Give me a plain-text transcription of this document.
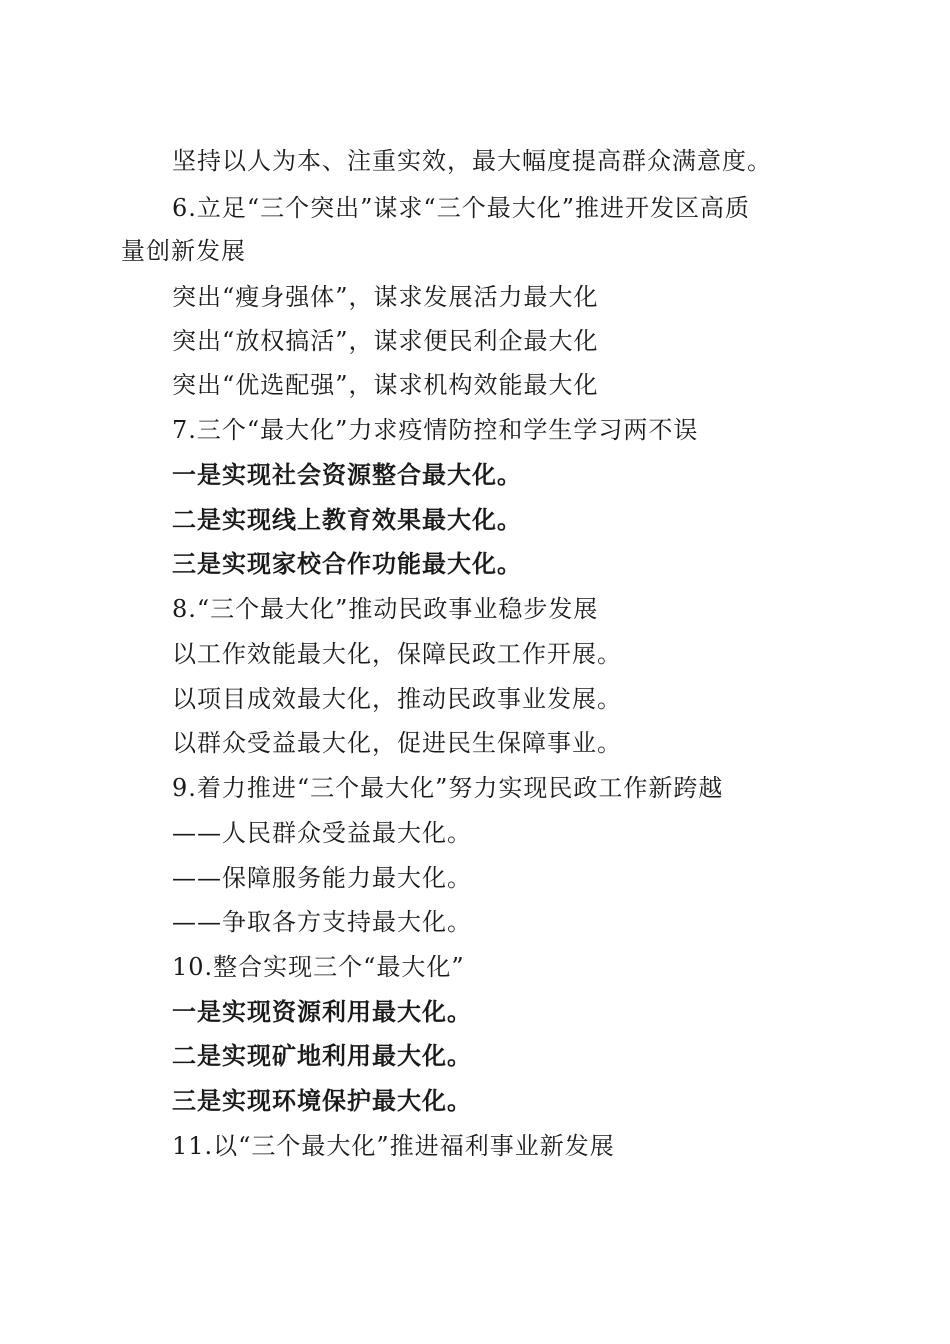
坚持以人为本、注重实效，最大幅度提高群众满意度。
6.立足“三个突出”谋求“三个最大化”推进开发区高质
量创新发展
突出“瘦身强体”，谋求发展活力最大化
突出“放权搞活”，谋求便民利企最大化
突出“优选配强”，谋求机构效能最大化
7.三个“最大化”力求疫情防控和学生学习两不误
一是实现社会资源整合最大化。
二是实现线上教育效果最大化。
三是实现家校合作功能最大化。
8.“三个最大化”推动民政事业稳步发展
以工作效能最大化，保障民政工作开展。
以项目成效最大化，推动民政事业发展。
以群众受益最大化，促进民生保障事业。
9.着力推进“三个最大化”努力实现民政工作新跨越
——人民群众受益最大化。
——保障服务能力最大化。
——争取各方支持最大化。
10.整合实现三个“最大化”
一是实现资源利用最大化。
二是实现矿地利用最大化。
三是实现环境保护最大化。
11.以“三个最大化”推进福利事业新发展
